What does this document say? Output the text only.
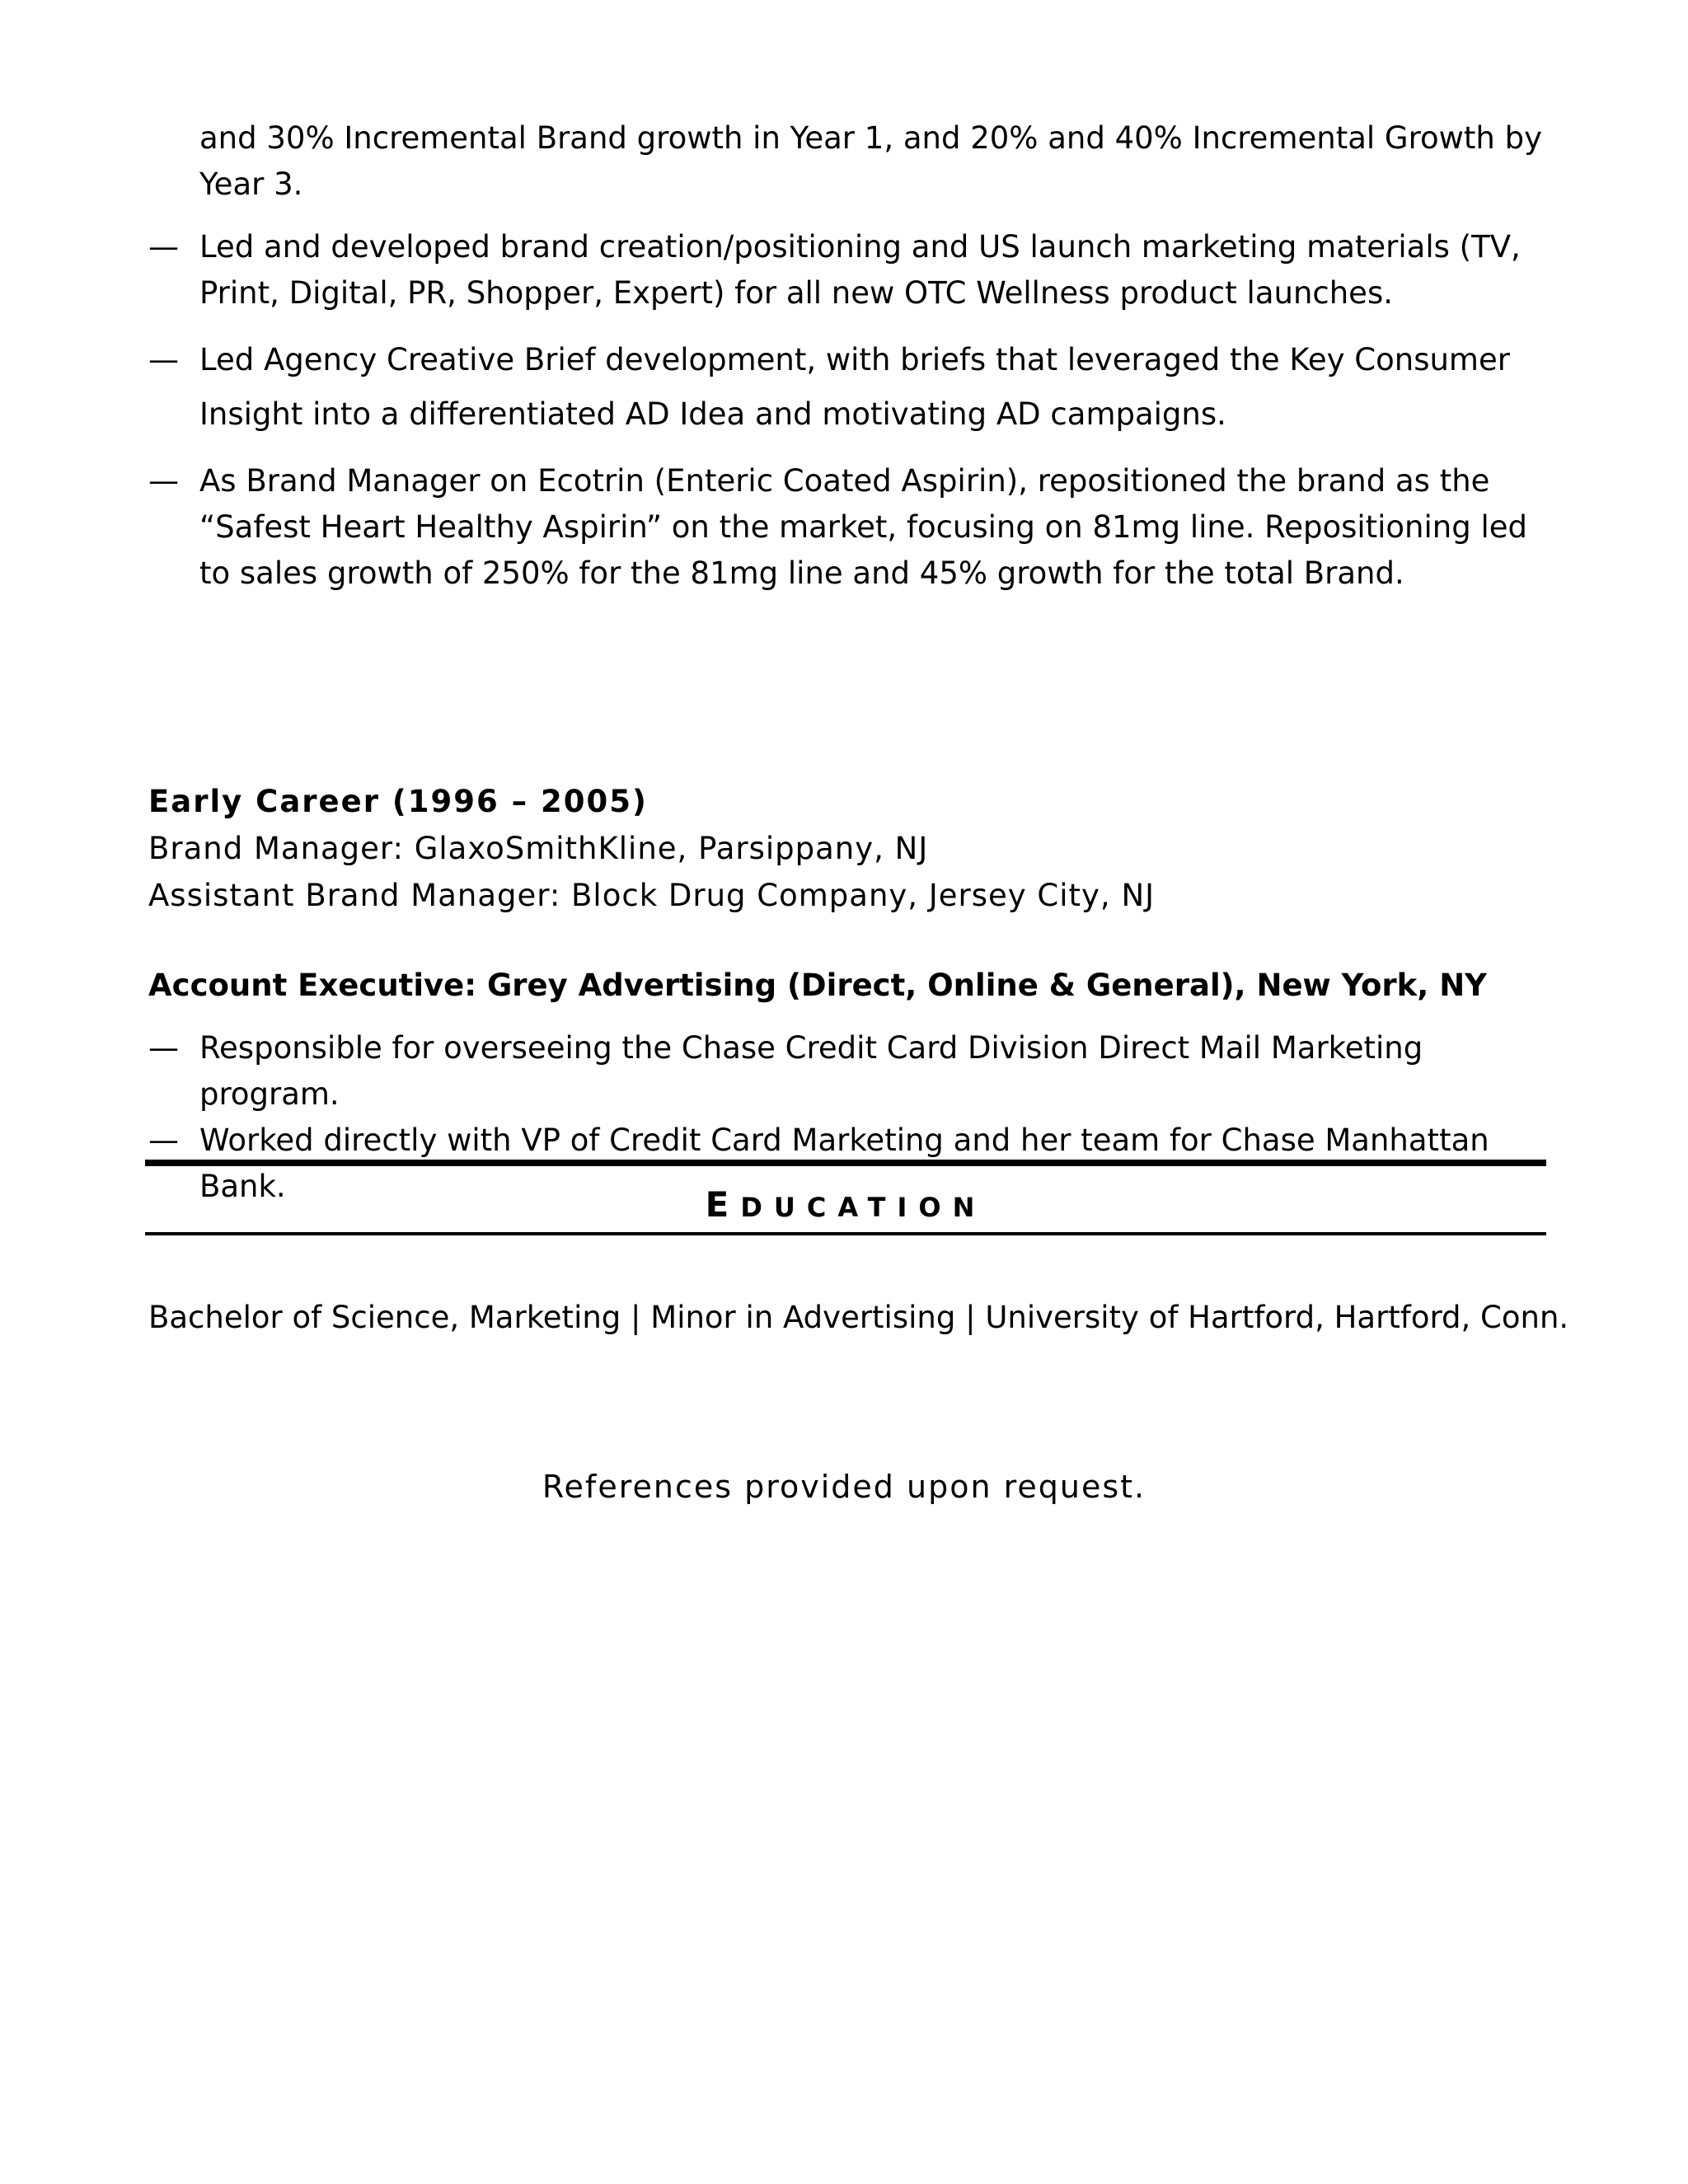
and 30% Incremental Brand growth in Year 1, and 20% and 40% Incremental Growth by Year 3.
— Led and developed brand creation/positioning and US launch marketing materials (TV, Print, Digital, PR, Shopper, Expert) for all new OTC Wellness product launches.
— Led Agency Creative Brief development, with briefs that leveraged the Key Consumer Insight into a differentiated AD Idea and motivating AD campaigns.
— As Brand Manager on Ecotrin (Enteric Coated Aspirin), repositioned the brand as the “Safest Heart Healthy Aspirin” on the market, focusing on 81mg line. Repositioning led to sales growth of 250% for the 81mg line and 45% growth for the total Brand.
Early Career (1996 – 2005)
Brand Manager: GlaxoSmithKline, Parsippany, NJ
Assistant Brand Manager: Block Drug Company, Jersey City, NJ
Account Executive: Grey Advertising (Direct, Online & General), New York, NY
— Responsible for overseeing the Chase Credit Card Division Direct Mail Marketing program.
— Worked directly with VP of Credit Card Marketing and her team for Chase Manhattan Bank.	EDUCATION
Bachelor of Science, Marketing | Minor in Advertising | University of Hartford, Hartford, Conn.
References provided upon request.
